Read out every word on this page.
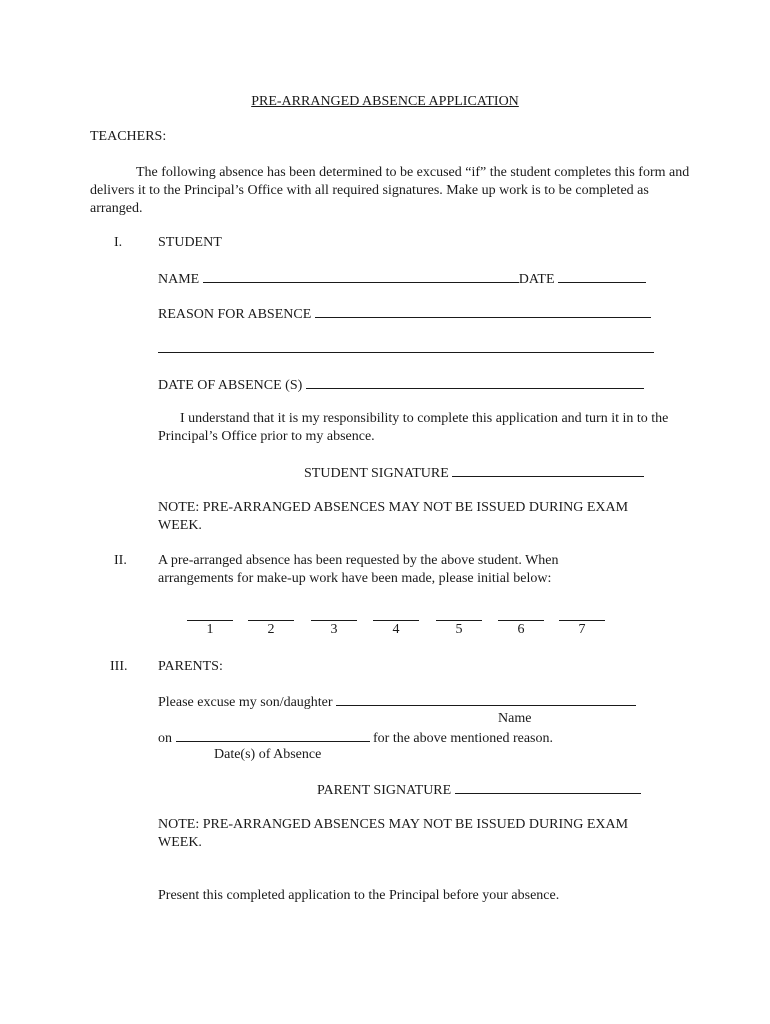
PRE-ARRANGED ABSENCE APPLICATION
TEACHERS:
The following absence has been determined to be excused “if” the student completes this form and delivers it to the Principal’s Office with all required signatures. Make up work is to be completed as arranged.
I.	STUDENT
NAME	DATE
REASON FOR ABSENCE
DATE OF ABSENCE (S)
I understand that it is my responsibility to complete this application and turn it in to the Principal’s Office prior to my absence.
STUDENT SIGNATURE
NOTE: PRE-ARRANGED ABSENCES MAY NOT BE ISSUED DURING EXAM WEEK.
II. A pre-arranged absence has been requested by the above student. When arrangements for make-up work have been made, please initial below:
1	2	3	4	5	6	7
III. PARENTS:
Please excuse my son/daughter
Name
on	for the above mentioned reason.
Date(s) of Absence
PARENT SIGNATURE
NOTE: PRE-ARRANGED ABSENCES MAY NOT BE ISSUED DURING EXAM WEEK.
Present this completed application to the Principal before your absence.
